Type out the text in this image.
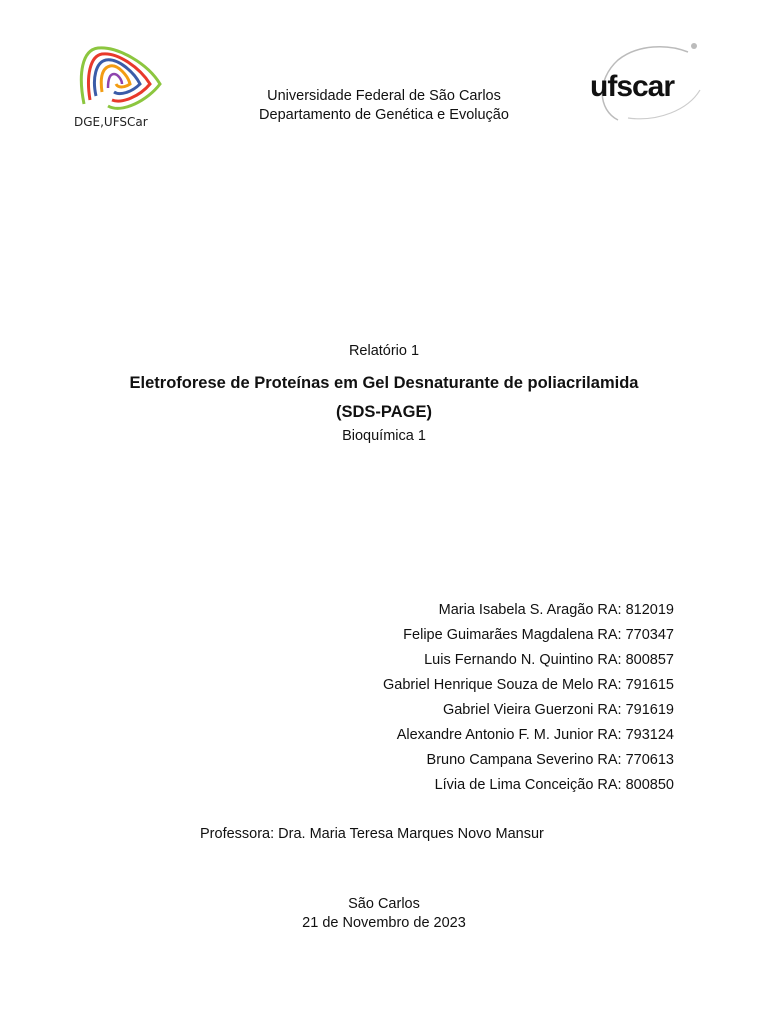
DGE,UFSCar
ufscar
Universidade Federal de São Carlos
Departamento de Genética e Evolução
Relatório 1
Eletroforese de Proteínas em Gel Desnaturante de poliacrilamida
(SDS-PAGE)
Bioquímica 1
Maria Isabela S. Aragão RA: 812019
Felipe Guimarães Magdalena RA: 770347
Luis Fernando N. Quintino RA: 800857
Gabriel Henrique Souza de Melo RA: 791615
Gabriel Vieira Guerzoni RA: 791619
Alexandre Antonio F. M. Junior RA: 793124
Bruno Campana Severino RA: 770613
Lívia de Lima Conceição RA: 800850
Professora: Dra. Maria Teresa Marques Novo Mansur
São Carlos
21 de Novembro de 2023
